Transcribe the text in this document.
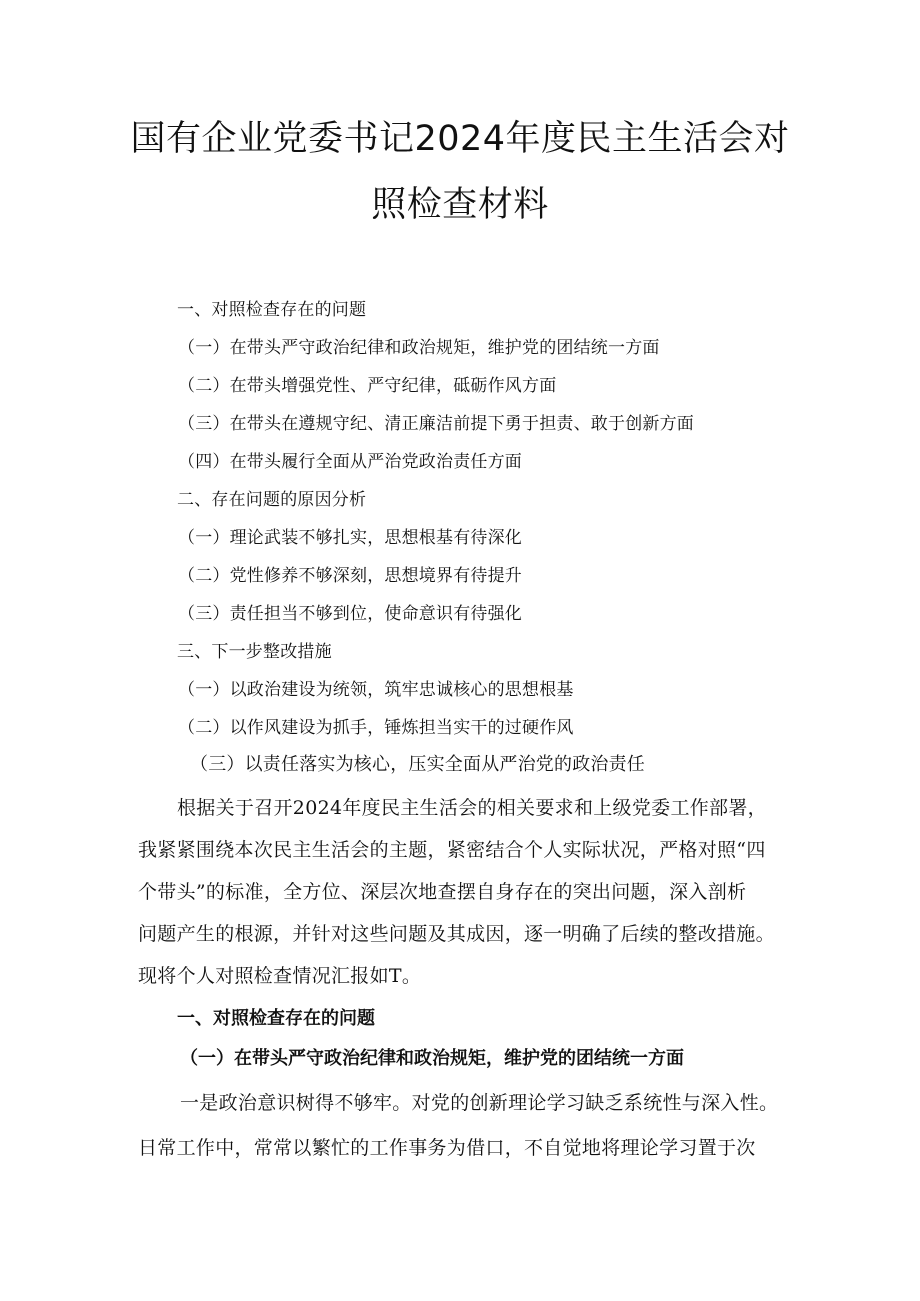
国有企业党委书记2024年度民主生活会对
照检查材料
一、对照检查存在的问题
（一）在带头严守政治纪律和政治规矩，维护党的团结统一方面
（二）在带头增强党性、严守纪律，砥砺作风方面
（三）在带头在遵规守纪、清正廉洁前提下勇于担责、敢于创新方面
（四）在带头履行全面从严治党政治责任方面
二、存在问题的原因分析
（一）理论武装不够扎实，思想根基有待深化
（二）党性修养不够深刻，思想境界有待提升
（三）责任担当不够到位，使命意识有待强化
三、下一步整改措施
（一）以政治建设为统领，筑牢忠诚核心的思想根基
（二）以作风建设为抓手，锤炼担当实干的过硬作风
（三）以责任落实为核心，压实全面从严治党的政治责任
根据关于召开2024年度民主生活会的相关要求和上级党委工作部署，
我紧紧围绕本次民主生活会的主题，紧密结合个人实际状况，严格对照“四
个带头”的标准，全方位、深层次地查摆自身存在的突出问题，深入剖析
问题产生的根源，并针对这些问题及其成因，逐一明确了后续的整改措施。
现将个人对照检查情况汇报如T。
一、对照检查存在的问题
（一）在带头严守政治纪律和政治规矩，维护党的团结统一方面
一是政治意识树得不够牢。对党的创新理论学习缺乏系统性与深入性。
日常工作中，常常以繁忙的工作事务为借口，不自觉地将理论学习置于次
